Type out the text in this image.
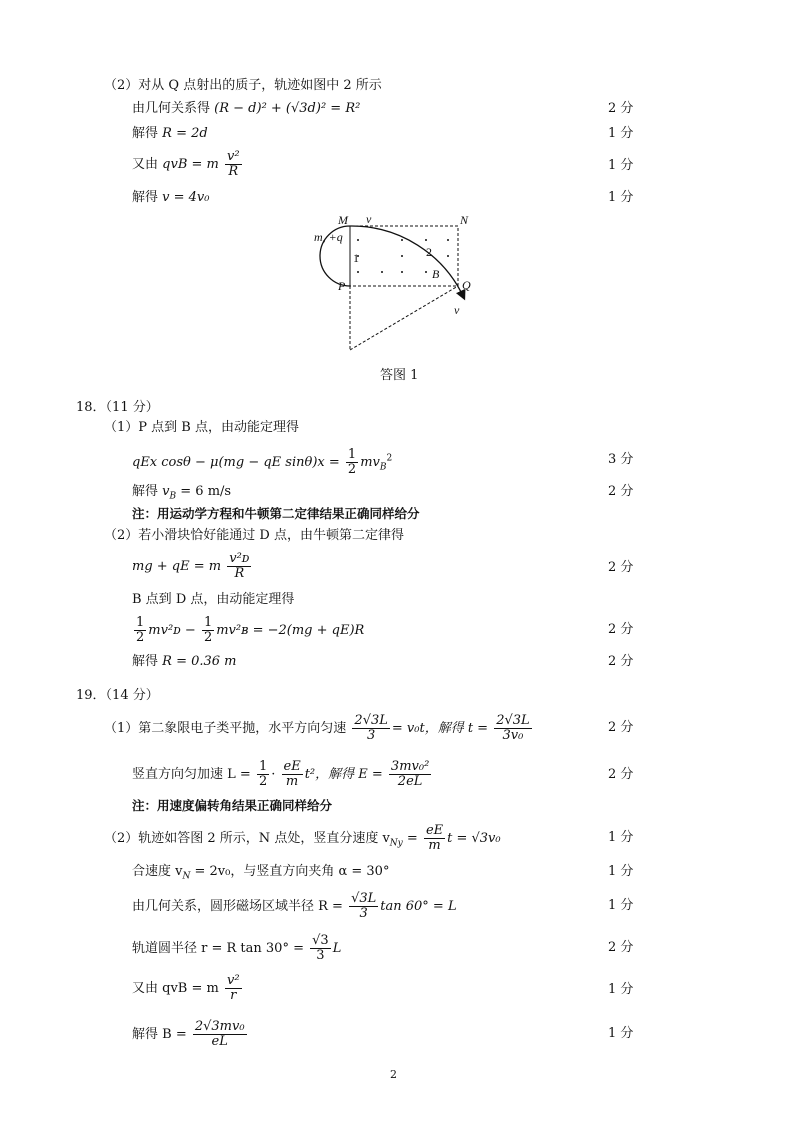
（2）对从 Q 点射出的质子，轨迹如图中 2 所示
由几何关系得 (R − d)² + (√3d)² = R²	2 分
解得 R = 2d	1 分
又由 qvB = m $\frac{\text{v²}}{R}$	1 分
解得 v = 4v₀	1 分
M v	N
m, +q
P
B
Q
v
1	2
答图 1
18．（11 分）
（1）P 点到 B 点，由动能定理得
qEx cosθ − μ(mg − qE $\sin\theta)x = \frac{1}{2} mv_B^2$	3 分
解得 $v_B = 6$ m/s	2 分
注：用运动学方程和牛顿第二定律结果正确同样给分
（2）若小滑块恰好能通过 D 点，由牛顿第二定律得
mg + qE = m $\frac{\text{v²ᴅ}}{R}$	2 分
B 点到 D 点，由动能定理得
$\frac{1}{2}$ mv²ᴅ − $\frac{1}{2}$ mv²ʙ = −2(mg + qE)R	2 分
解得 R = 0.36 m	2 分
19．（14 分）
（1）第二象限电子类平抛，水平方向匀速 $\frac{2√3L}{3} = v_0t$，解得 $t = \frac{2√3L}{\text{3v₀}}$	2 分
竖直方向匀加速 $L = \frac{1}{2} \cdot \frac{eE}{m} t^2$，解得 $E = \frac{\text{3mv₀²}}{2eL}$	2 分
注：用速度偏转角结果正确同样给分
（2）轨迹如答图 2 所示，N 点处，竖直分速度 $v_{Ny} = \frac{eE}{m}$ t = √3v₀	1 分
合速度 $v_N = 2v_0$，与竖直方向夹角 α = 30°	1 分
由几何关系，圆形磁场区域半径 $R = \frac{√3L}{3}$ tan 60° = L	1 分
轨道圆半径 r = R $\tan 30^\circ = \frac{√3}{3}$ L	2 分
又由 qvB = m $\frac{\text{v²}}{r}$	1 分
解得 $B = \frac{\text{2√3mv₀}}{eL}$	1 分
2
